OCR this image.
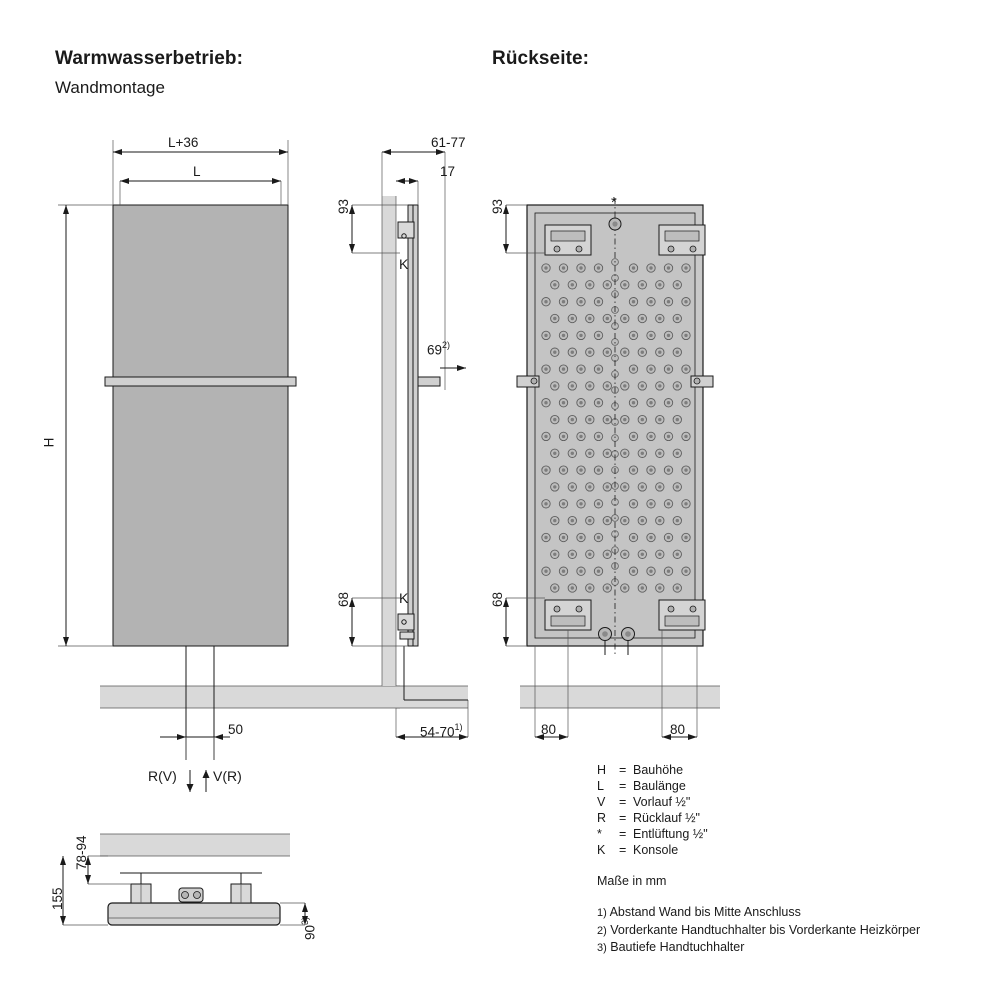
Warmwasserbetrieb:
Wandmontage
Rückseite:
L+36
L
H
50
R(V)	V(R)
61-77
17
93
68
69$^{2)}$
54-70$^{1)}$
K
K
93
68
80	80
*
78-94
155
90$^{3)}$
H	=	Bauhöhe
L	=	Baulänge
V	=	Vorlauf ½"
R	=	Rücklauf ½"
*	=	Entlüftung ½"
K	=	Konsole
Maße in mm
1) Abstand Wand bis Mitte Anschluss
2) Vorderkante Handtuchhalter bis Vorderkante Heizkörper
3) Bautiefe Handtuchhalter
